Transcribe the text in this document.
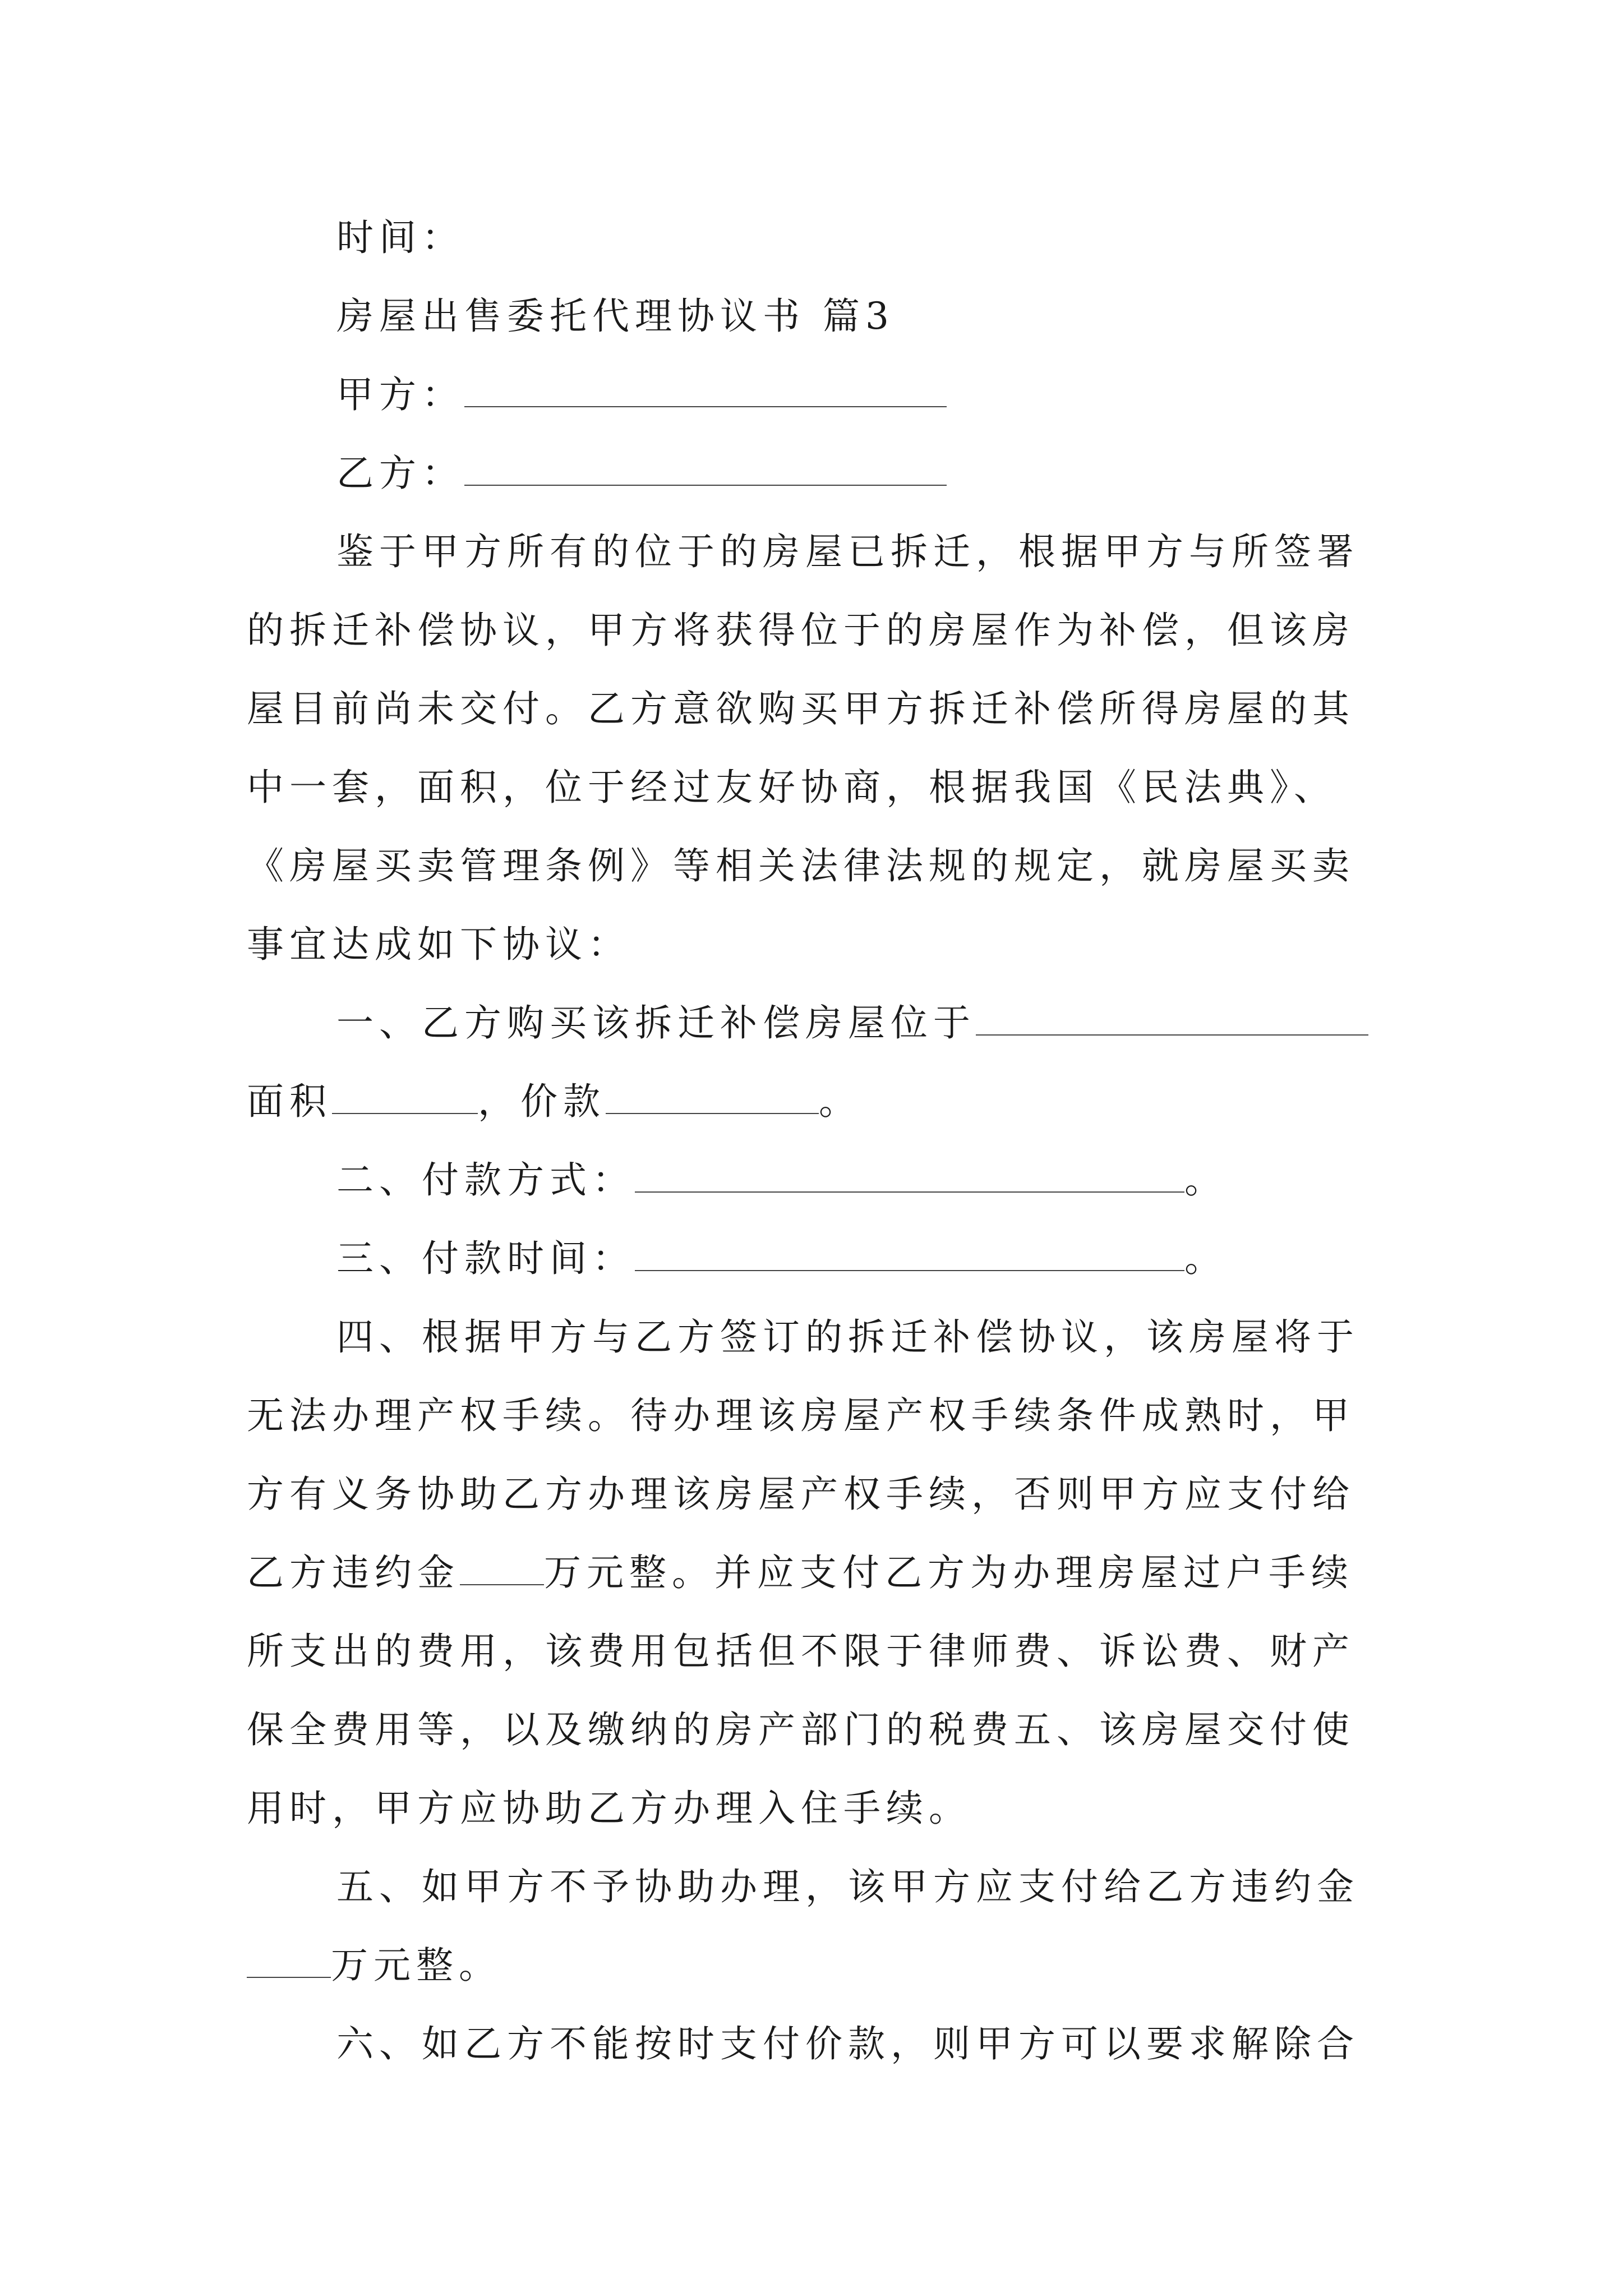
时间：
房屋出售委托代理协议书 篇3
甲方：
乙方：
鉴于甲方所有的位于的房屋已拆迁，根据甲方与所签署
的拆迁补偿协议，甲方将获得位于的房屋作为补偿，但该房
屋目前尚未交付。乙方意欲购买甲方拆迁补偿所得房屋的其
中一套，面积，位于经过友好协商，根据我国《民法典》、
《房屋买卖管理条例》等相关法律法规的规定，就房屋买卖
事宜达成如下协议：
一、乙方购买该拆迁补偿房屋位于
面积	，价款	。
二、付款方式：	。
三、付款时间：	。
四、根据甲方与乙方签订的拆迁补偿协议，该房屋将于
无法办理产权手续。待办理该房屋产权手续条件成熟时，甲
方有义务协助乙方办理该房屋产权手续，否则甲方应支付给
乙方违约金 万元整。并应支付乙方为办理房屋过户手续
所支出的费用，该费用包括但不限于律师费、诉讼费、财产
保全费用等，以及缴纳的房产部门的税费五、该房屋交付使
用时，甲方应协助乙方办理入住手续。
五、如甲方不予协助办理，该甲方应支付给乙方违约金
万元整。
六、如乙方不能按时支付价款，则甲方可以要求解除合
